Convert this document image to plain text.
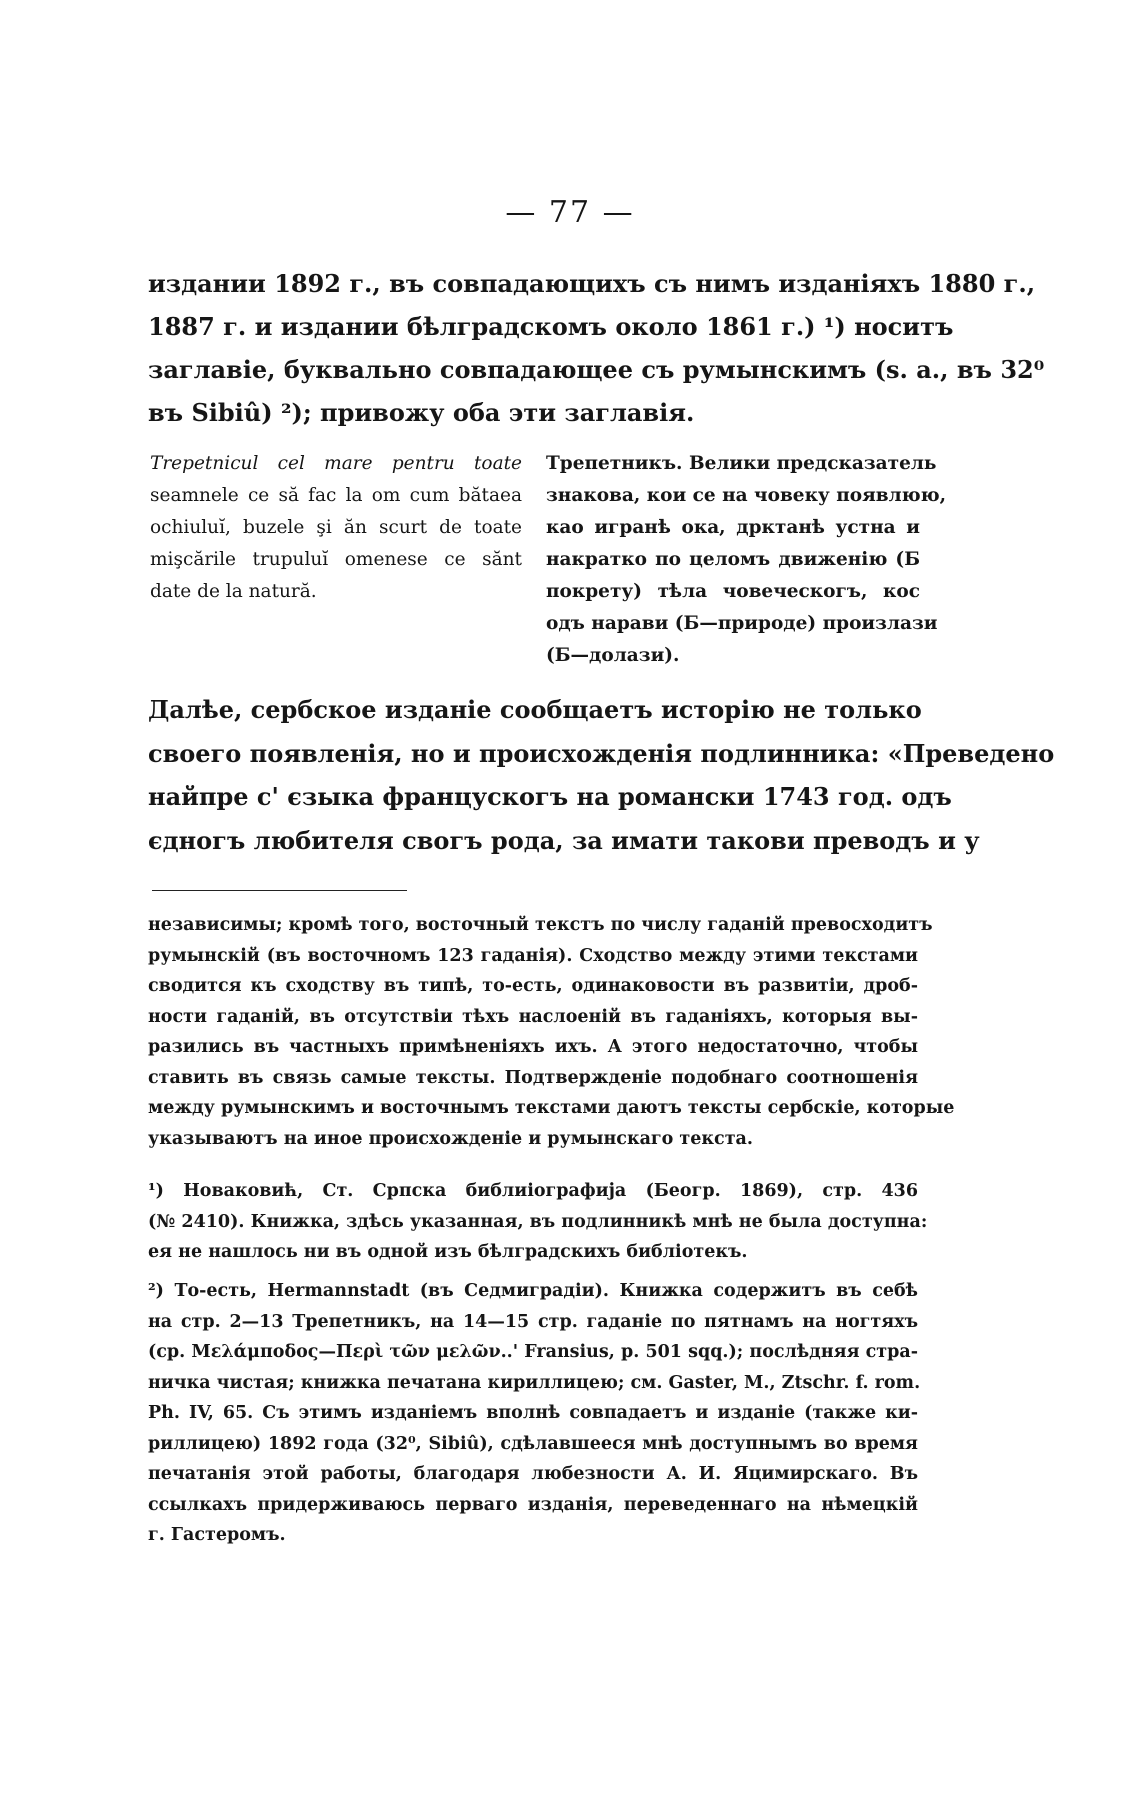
— 77 —
издании 1892 г., въ совпадающихъ съ нимъ изданіяхъ 1880 г.,
1887 г. и издании бѣлградскомъ около 1861 г.) ¹) носитъ
заглавіе, буквально совпадающее съ румынскимъ (s. a., въ 32⁰
въ Sibiû) ²); привожу оба эти заглавія.
Trepetnicul cel mare pentru toate
seamnele ce să fac la om cum bătaea
ochiuluĭ, buzele şi ăn scurt de toate
mişcările trupuluĭ omenese ce sănt
date de la natură.
Трепетникъ. Велики предсказатель
знакова, кои се на човеку появлюю,
као игранѣ ока, дрктанѣ устна и
накратко по целомъ движенію (Б
покрету) тѣла човеческогъ, кос
одъ нарави (Б—природе) произлази
(Б—долази).
Далѣе, сербское изданіе сообщаетъ исторію не только
своего появленія, но и происхожденія подлинника: «Преведено
найпре с' єзыка францускогъ на романски 1743 год. одъ
єдногъ любителя свогъ рода, за имати такови преводъ и у
независимы; кромѣ того, восточный текстъ по числу гаданій превосходитъ
румынскій (въ восточномъ 123 гаданія). Сходство между этими текстами
сводится къ сходству въ типѣ, то-есть, одинаковости въ развитіи, дроб-
ности гаданій, въ отсутствіи тѣхъ наслоеній въ гаданіяхъ, которыя вы-
разились въ частныхъ примѣненіяхъ ихъ. А этого недостаточно, чтобы
ставить въ связь самые тексты. Подтвержденіе подобнаго соотношенія
между румынскимъ и восточнымъ текстами даютъ тексты сербскіе, которые
указываютъ на иное происхожденіе и румынскаго текста.
¹) Новаковић, Ст. Српска библиіографија (Беогр. 1869), стр. 436
(№ 2410). Книжка, здѣсь указанная, въ подлинникѣ мнѣ не была доступна:
ея не нашлось ни въ одной изъ бѣлградскихъ библіотекъ.
²) То-есть, Hermannstadt (въ Седмиградіи). Книжка содержитъ въ себѣ
на стр. 2—13 Трепетникъ, на 14—15 стр. гаданіе по пятнамъ на ногтяхъ
(ср. Μελάμποδος—Περὶ τῶν μελῶν..' Fransius, p. 501 sqq.); послѣдняя стра-
ничка чистая; книжка печатана кириллицею; см. Gaster, M., Ztschr. f. rom.
Ph. IV, 65. Съ этимъ изданіемъ вполнѣ совпадаетъ и изданіе (также ки-
риллицею) 1892 года (32⁰, Sibiû), сдѣлавшееся мнѣ доступнымъ во время
печатанія этой работы, благодаря любезности А. И. Яцимирскаго. Въ
ссылкахъ придерживаюсь перваго изданія, переведеннаго на нѣмецкій
г. Гастеромъ.
